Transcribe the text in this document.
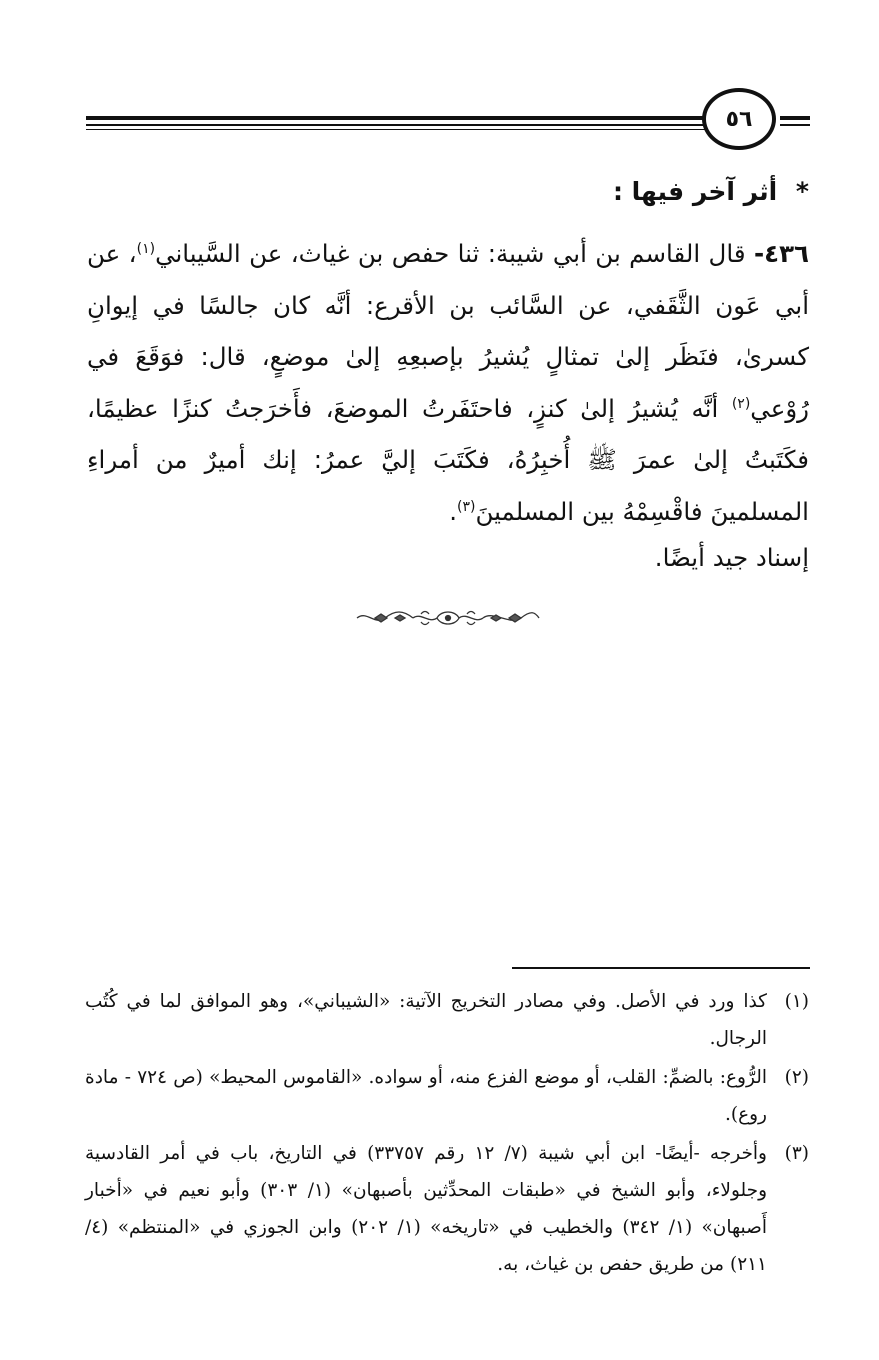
٥٦
* أثر آخر فيها :

٤٣٦- قال القاسم بن أبي شيبة: ثنا حفص بن غياث، عن السَّيباني$^{(١)}$، عن أبي عَون الثَّقَفي، عن السَّائب بن الأقرع: أنَّه كان جالسًا في إيوانِ كسرىٰ، فنَظَر إلىٰ تمثالٍ يُشيرُ بإصبعِهِ إلىٰ موضعٍ، قال: فوَقَعَ في رُوْعي$^{(٢)}$ أنَّه يُشيرُ إلىٰ كنزٍ، فاحتَفَرتُ الموضعَ، فأَخرَجتُ كنزًا عظيمًا، فكَتَبتُ إلىٰ عمرَ ﷺ أُخبِرُهُ، فكَتَبَ إليَّ عمرُ: إنك أميرٌ من أمراءِ المسلمينَ فاقْسِمْهُ بين المسلمينَ$^{(٣)}$.

إسناد جيد أيضًا.
(١)
كذا ورد في الأصل. وفي مصادر التخريج الآتية: «الشيباني»، وهو الموافق لما في كُتُب الرجال.
(٢)
الرُّوع: بالضمِّ: القلب، أو موضع الفزع منه، أو سواده. «القاموس المحيط» (ص ٧٢٤ - مادة روع).
(٣)
وأخرجه -أيضًا- ابن أبي شيبة (٧/ ١٢ رقم ٣٣٧٥٧) في التاريخ، باب في أمر القادسية وجلولاء، وأبو الشيخ في «طبقات المحدِّثين بأصبهان» (١/ ٣٠٣) وأبو نعيم في «أخبار أَصبهان» (١/ ٣٤٢) والخطيب في «تاريخه» (١/ ٢٠٢) وابن الجوزي في «المنتظم» (٤/ ٢١١) من طريق حفص بن غياث، به.
